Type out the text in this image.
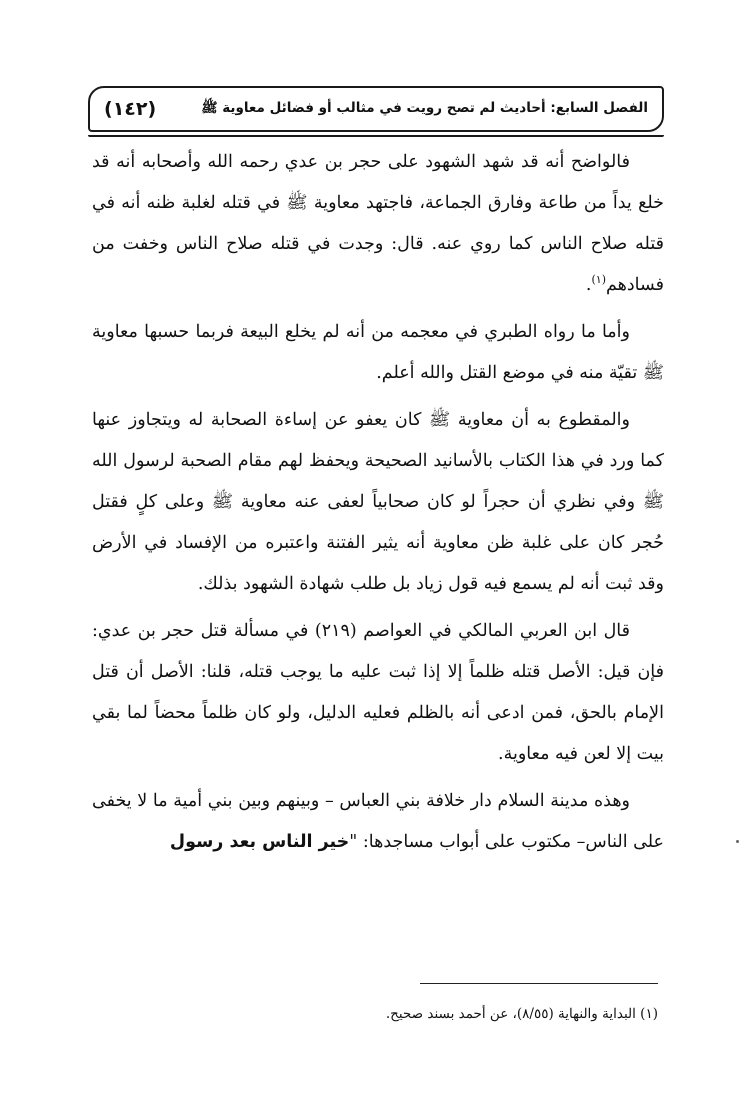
(١٤٢)	الفصل السابع: أحاديث لم تصح رويت في مثالب أو فضائل معاوية ﷺ

فالواضح أنه قد شهد الشهود على حجر بن عدي رحمه الله وأصحابه أنه قد خلع يداً من طاعة وفارق الجماعة، فاجتهد معاوية ﷺ في قتله لغلبة ظنه أنه في قتله صلاح الناس كما روي عنه. قال: وجدت في قتله صلاح الناس وخفت من فسادهم$^{(١)}$.

وأما ما رواه الطبري في معجمه من أنه لم يخلع البيعة فربما حسبها معاوية ﷺ تقيّة منه في موضع القتل والله أعلم.

والمقطوع به أن معاوية ﷺ كان يعفو عن إساءة الصحابة له ويتجاوز عنها كما ورد في هذا الكتاب بالأسانيد الصحيحة ويحفظ لهم مقام الصحبة لرسول الله ﷺ وفي نظري أن حجراً لو كان صحابياً لعفى عنه معاوية ﷺ وعلى كلٍ فقتل حُجر كان على غلبة ظن معاوية أنه يثير الفتنة واعتبره من الإفساد في الأرض وقد ثبت أنه لم يسمع فيه قول زياد بل طلب شهادة الشهود بذلك.

قال ابن العربي المالكي في العواصم (٢١٩) في مسألة قتل حجر بن عدي: فإن قيل: الأصل قتله ظلماً إلا إذا ثبت عليه ما يوجب قتله، قلنا: الأصل أن قتل الإمام بالحق، فمن ادعى أنه بالظلم فعليه الدليل، ولو كان ظلماً محضاً لما بقي بيت إلا لعن فيه معاوية.

وهذه مدينة السلام دار خلافة بني العباس – وبينهم وبين بني أمية ما لا يخفى على الناس– مكتوب على أبواب مساجدها: "خير الناس بعد رسول

(١) البداية والنهاية (٨/٥٥)، عن أحمد بسند صحيح.
